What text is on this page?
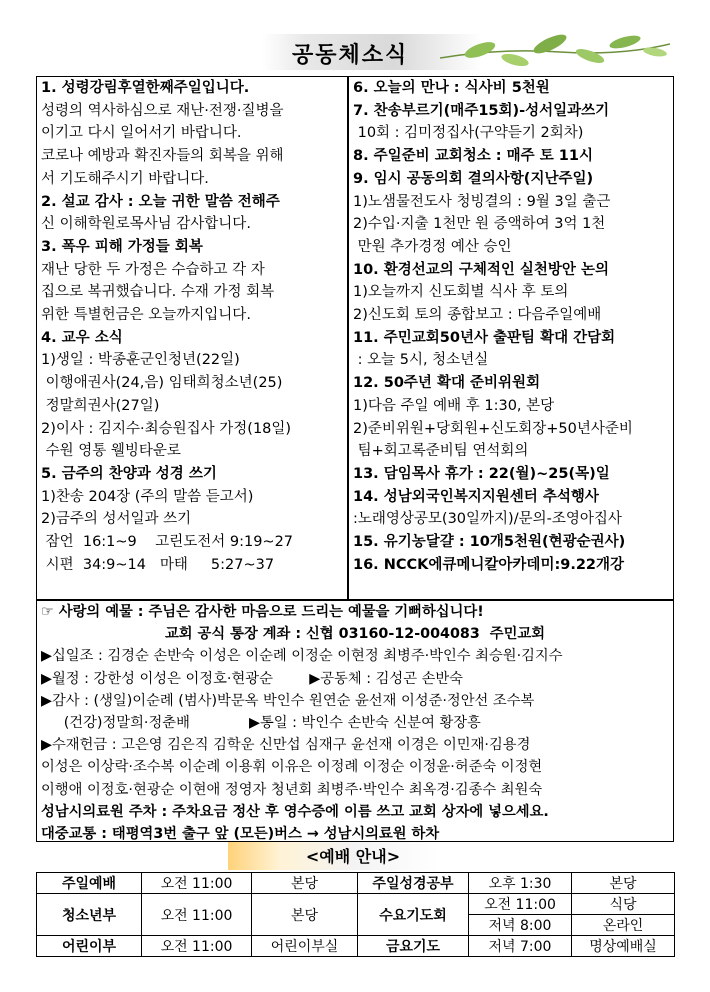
공동체소식
1. 성령강림후열한째주일입니다.
성령의 역사하심으로 재난·전쟁·질병을
이기고 다시 일어서기 바랍니다.
코로나 예방과 확진자들의 회복을 위해
서 기도해주시기 바랍니다.
2. 설교 감사 : 오늘 귀한 말씀 전해주
신 이해학원로목사님 감사합니다.
3. 폭우 피해 가정들 회복
재난 당한 두 가정은 수습하고 각 자
집으로 복귀했습니다. 수재 가정 회복
위한 특별헌금은 오늘까지입니다.
4. 교우 소식
1)생일 : 박종훈군인청년(22일)
이행애권사(24,음) 임태희청소년(25)
정말희권사(27일)
2)이사 : 김지수·최승원집사 가정(18일)
수원 영통 웰빙타운로
5. 금주의 찬양과 성경 쓰기
1)찬송 204장 (주의 말씀 듣고서)
2)금주의 성서일과 쓰기
잠언  16:1~9    고린도전서 9:19~27
시편  34:9~14   마태     5:27~37
6. 오늘의 만나 : 식사비 5천원
7. 찬송부르기(매주15회)-성서일과쓰기
10회 : 김미정집사(구약듣기 2회차)
8. 주일준비 교회청소 : 매주 토 11시
9. 임시 공동의회 결의사항(지난주일)
1)노샘물전도사 청빙결의 : 9월 3일 출근
2)수입·지출 1천만 원 증액하여 3억 1천
만원 추가경정 예산 승인
10. 환경선교의 구체적인 실천방안 논의
1)오늘까지 신도회별 식사 후 토의
2)신도회 토의 종합보고 : 다음주일예배
11. 주민교회50년사 출판팀 확대 간담회
: 오늘 5시, 청소년실
12. 50주년 확대 준비위원회
1)다음 주일 예배 후 1:30, 본당
2)준비위원+당회원+신도회장+50년사준비
팀+회고록준비팀 연석회의
13. 담임목사 휴가 : 22(월)~25(목)일
14. 성남외국인복지지원센터 추석행사
:노래영상공모(30일까지)/문의-조영아집사
15. 유기농달걀 : 10개5천원(현광순권사)
16. NCCK에큐메니칼아카데미:9.22개강
☞ 사랑의 예물 : 주님은 감사한 마음으로 드리는 예물을 기뻐하십니다!
교회 공식 통장 계좌 : 신협 03160-12-004083  주민교회
▶십일조 : 김경순 손반숙 이성은 이순례 이정순 이현정 최병주·박인수 최승원·김지수
▶월정 : 강한성 이성은 이정호·현광순        ▶공동체 : 김성곤 손반숙
▶감사 : (생일)이순례 (범사)박문옥 박인수 원연순 윤선재 이성준·정안선 조수복
(건강)정말희·정춘배             ▶통일 : 박인수 손반숙 신분여 황장흥
▶수재헌금 : 고은영 김은직 김학운 신만섭 심재구 윤선재 이경은 이민재·김용경
이성은 이상락·조수복 이순례 이용휘 이유은 이정례 이정순 이정윤·허준숙 이정현
이행애 이정호·현광순 이현애 정영자 청년회 최병주·박인수 최옥경·김종수 최원숙
성남시의료원 주차 : 주차요금 정산 후 영수증에 이름 쓰고 교회 상자에 넣으세요.
대중교통 : 태평역3번 출구 앞 (모든)버스 → 성남시의료원 하차
<예배 안내>
주일예배	오전 11:00	본당	주일성경공부	오후 1:30	본당
청소년부	오전 11:00	본당	수요기도회	오전 11:00	식당
				저녁 8:00	온라인
어린이부	오전 11:00	어린이부실	금요기도	저녁 7:00	명상예배실
